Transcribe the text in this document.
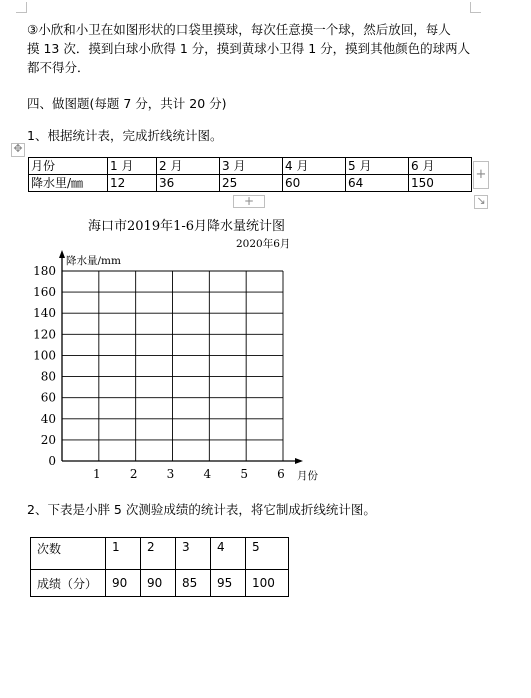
③小欣和小卫在如图形状的口袋里摸球，每次任意摸一个球，然后放回，每人
摸 13 次．摸到白球小欣得 1 分，摸到黄球小卫得 1 分，摸到其他颜色的球两人
都不得分．
四、做图题(每题 7 分，共计 20 分)
1、根据统计表，完成折线统计图。
✥
月份	1 月	2 月	3 月	4 月	5 月	6 月
降水里/㎜	12	36	25	60	64	150
+
↘
+
海口市2019年1-6月降水量统计图
2020年6月
降水量/mm
月份
0
20
40
60
80
100
120
140
160
180
1 2 3 4 5 6
2、下表是小胖 5 次测验成绩的统计表，将它制成折线统计图。
次数	1	2	3	4	5
成绩（分）	90	90	85	95	100
